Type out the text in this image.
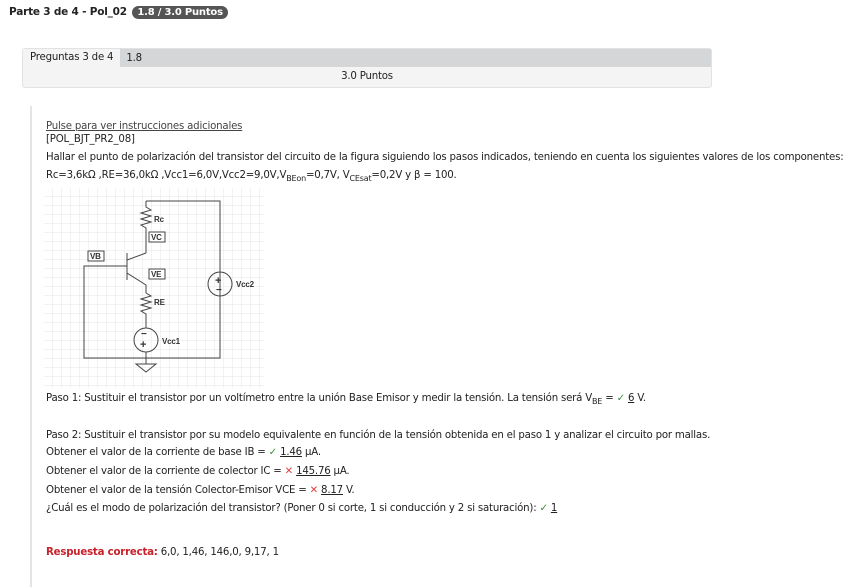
Parte 3 de 4 - Pol_02 1.8 / 3.0 Puntos
Preguntas 3 de 4	1.8
3.0 Puntos
Pulse para ver instrucciones adicionales
[POL_BJT_PR2_08]
Hallar el punto de polarización del transistor del circuito de la figura siguiendo los pasos indicados, teniendo en cuenta los siguientes valores de los componentes:
Rc=3,6kΩ ,RE=36,0kΩ $,Vcc1=6,0V,Vcc2=9,0V,V_{BEon}=0,7V$, $V_{CEsat}=0,2V$ y β = 100.
Rc
RE
Vcc1
Vcc2
VC
VE
VB
−
+
+
−
Paso 1: Sustituir el transistor por un voltímetro entre la unión Base Emisor y medir la tensión. La tensión será $V_{BE}$ = ✓ 6 V.
Paso 2: Sustituir el transistor por su modelo equivalente en función de la tensión obtenida en el paso 1 y analizar el circuito por mallas.
Obtener el valor de la corriente de base IB = ✓ 1.46 μA.
Obtener el valor de la corriente de colector IC = ✕ 145.76 μA.
Obtener el valor de la tensión Colector-Emisor VCE = ✕ 8.17 V.
¿Cuál es el modo de polarización del transistor? (Poner 0 si corte, 1 si conducción y 2 si saturación): ✓ 1
Respuesta correcta: 6,0, 1,46, 146,0, 9,17, 1
